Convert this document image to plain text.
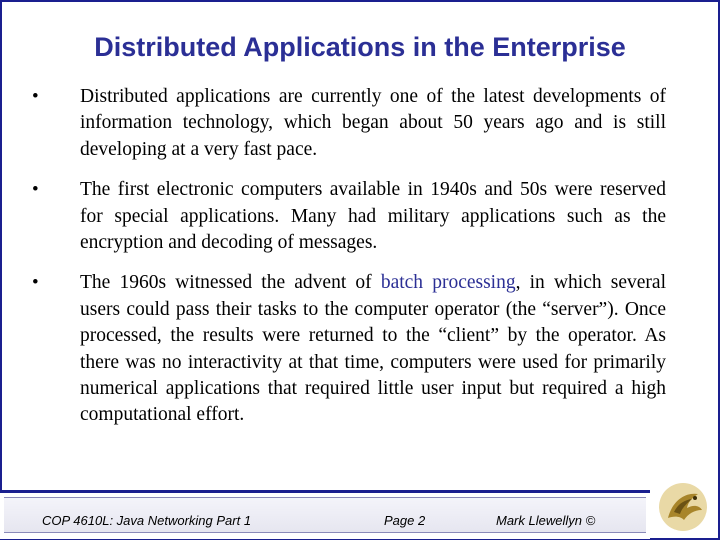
Distributed Applications in the Enterprise
• Distributed applications are currently one of the latest developments of information technology, which began about 50 years ago and is still developing at a very fast pace.

• The first electronic computers available in 1940s and 50s were reserved for special applications. Many had military applications such as the encryption and decoding of messages.

• The 1960s witnessed the advent of batch processing, in which several users could pass their tasks to the computer operator (the “server”). Once processed, the results were returned to the “client” by the operator. As there was no interactivity at that time, computers were used for primarily numerical applications that required little user input but required a high computational effort.

COP 4610L: Java Networking Part 1	Page 2	Mark Llewellyn ©
